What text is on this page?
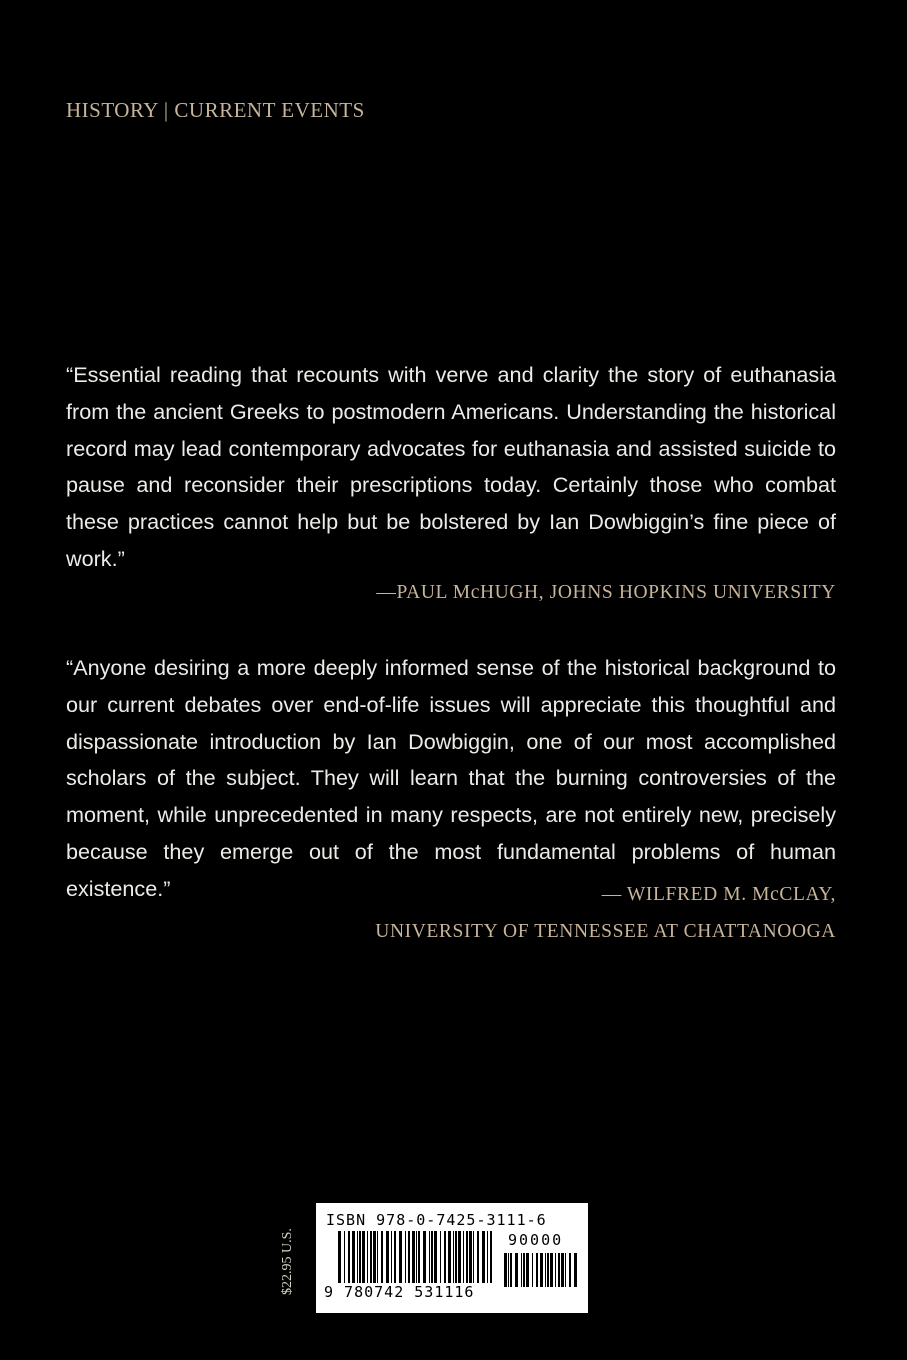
HISTORY | CURRENT EVENTS
“Essential reading that recounts with verve and clarity the story of euthanasia from the ancient Greeks to postmodern Americans. Understanding the historical record may lead contemporary advocates for euthanasia and assisted suicide to pause and reconsider their prescriptions today. Certainly those who combat these practices cannot help but be bolstered by Ian Dowbiggin’s fine piece of work.”
—PAUL McHUGH, JOHNS HOPKINS UNIVERSITY
“Anyone desiring a more deeply informed sense of the historical background to our current debates over end-of-life issues will appreciate this thoughtful and dispassionate introduction by Ian Dowbiggin, one of our most accomplished scholars of the subject. They will learn that the burning controversies of the moment, while unprecedented in many respects, are not entirely new, precisely because they emerge out of the most fundamental problems of human existence.”	— WILFRED M. McCLAY,
UNIVERSITY OF TENNESSEE AT CHATTANOOGA
$22.95 U.S.
ISBN 978-0-7425-3111-6
90000
9 780742 531116
